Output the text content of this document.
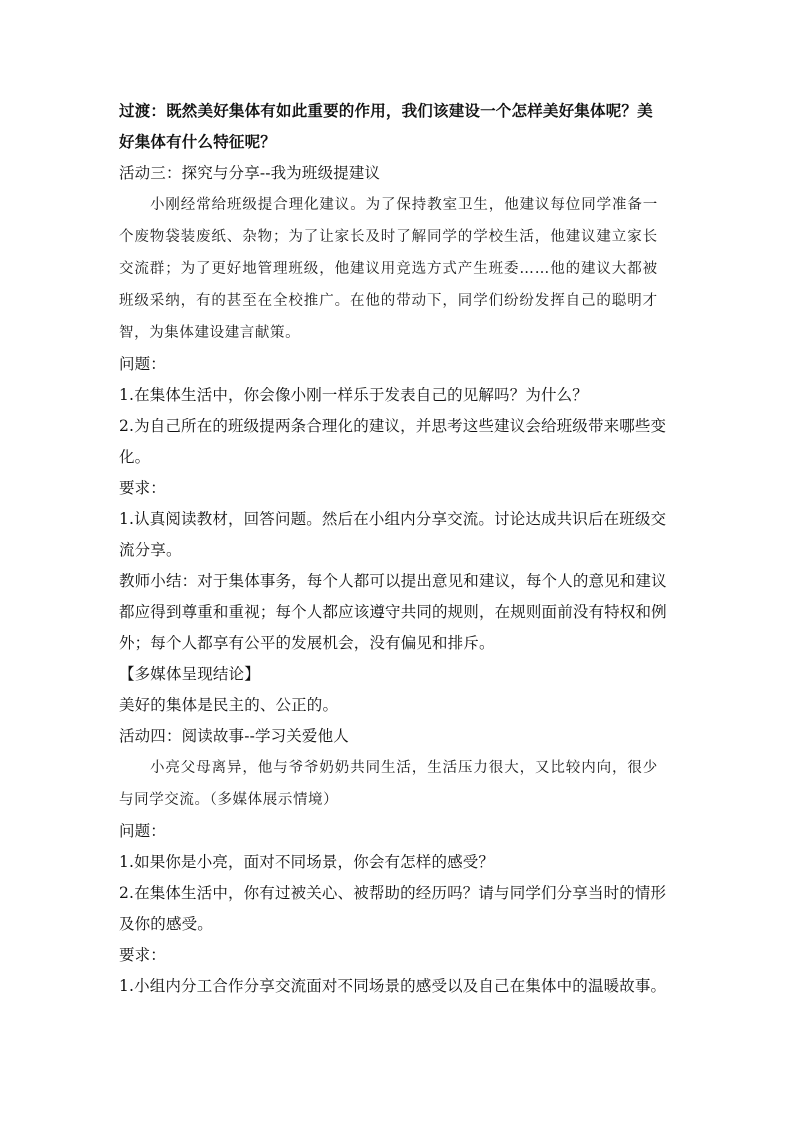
过渡：既然美好集体有如此重要的作用，我们该建设一个怎样美好集体呢？美
好集体有什么特征呢？
活动三：探究与分享--我为班级提建议
小刚经常给班级提合理化建议。为了保持教室卫生，他建议每位同学准备一
个废物袋装废纸、杂物；为了让家长及时了解同学的学校生活，他建议建立家长
交流群；为了更好地管理班级，他建议用竞选方式产生班委……他的建议大都被
班级采纳，有的甚至在全校推广。在他的带动下，同学们纷纷发挥自己的聪明才
智，为集体建设建言献策。
问题：
1.在集体生活中，你会像小刚一样乐于发表自己的见解吗？为什么？
2.为自己所在的班级提两条合理化的建议，并思考这些建议会给班级带来哪些变
化。
要求：
1.认真阅读教材，回答问题。然后在小组内分享交流。讨论达成共识后在班级交
流分享。
教师小结：对于集体事务，每个人都可以提出意见和建议，每个人的意见和建议
都应得到尊重和重视；每个人都应该遵守共同的规则，在规则面前没有特权和例
外；每个人都享有公平的发展机会，没有偏见和排斥。
【多媒体呈现结论】
美好的集体是民主的、公正的。
活动四：阅读故事--学习关爱他人
小亮父母离异，他与爷爷奶奶共同生活，生活压力很大，又比较内向，很少
与同学交流。（多媒体展示情境）
问题：
1.如果你是小亮，面对不同场景，你会有怎样的感受？
2.在集体生活中，你有过被关心、被帮助的经历吗？请与同学们分享当时的情形
及你的感受。
要求：
1.小组内分工合作分享交流面对不同场景的感受以及自己在集体中的温暖故事。
